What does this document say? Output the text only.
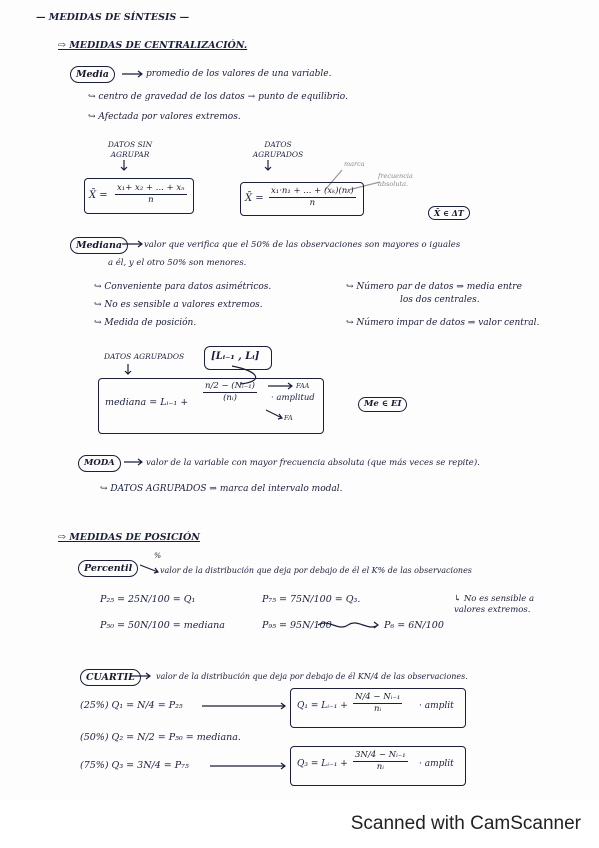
— MEDIDAS DE SÍNTESIS —
⇨ MEDIDAS DE CENTRALIZACIÓN.
Media	promedio de los valores de una variable.
↪ centro de gravedad de los datos → punto de equilibrio.
↪ Afectada por valores extremos.
DATOS SIN AGRUPAR
DATOS AGRUPADOS
X̄ = $\frac{\text{x₁+ x₂ + ... + xₙ}}{n}$	X̄ = $\frac{\text{x₁·n₁ + ... + (xₖ)(nₖ)}}{n}$
marca
frecuencia absoluta.
X̄ ∈ ΔT
Mediana	valor que verifica que el 50% de las observaciones son mayores o iguales
a él, y el otro 50% son menores.
↪ Conveniente para datos asimétricos.
↪ No es sensible a valores extremos.
↪ Medida de posición.
↪ Número par de datos ⇒ media entre
los dos centrales.
↪ Número impar de datos ⇒ valor central.
DATOS AGRUPADOS	[Lᵢ₋₁ , Lᵢ]
mediana = Lᵢ₋₁ + $\frac{\text{n/2 − (Nᵢ₋₁)}}{\text{(nᵢ)}}$ · amplitud
FAA
FA
Me ∈ EI
MODA	valor de la variable con mayor frecuencia absoluta (que más veces se repite).
↪ DATOS AGRUPADOS ⇒ marca del intervalo modal.
⇨ MEDIDAS DE POSICIÓN
%
Percentil	valor de la distribución que deja por debajo de él el K% de las observaciones
P₂₅ = 25N/100 = Q₁	P₇₅ = 75N/100 = Q₃.
P₅₀ = 50N/100 = mediana	P₉₅ = 95N/100	P₆ = 6N/100
↳ No es sensible a valores extremos.
CUARTIL	valor de la distribución que deja por debajo de él KN/4 de las observaciones.
(25%) Q₁ = N/4 = P₂₅
(50%) Q₂ = N/2 = P₅₀ = mediana.
(75%) Q₃ = 3N/4 = P₇₅
Q₁ = Lᵢ₋₁ + $\frac{\text{N/4 − Nᵢ₋₁}}{\text{nᵢ}}$ · amplit
Q₃ = Lᵢ₋₁ + $\frac{\text{3N/4 − Nᵢ₋₁}}{\text{nᵢ}}$ · amplit
Scanned with CamScanner
